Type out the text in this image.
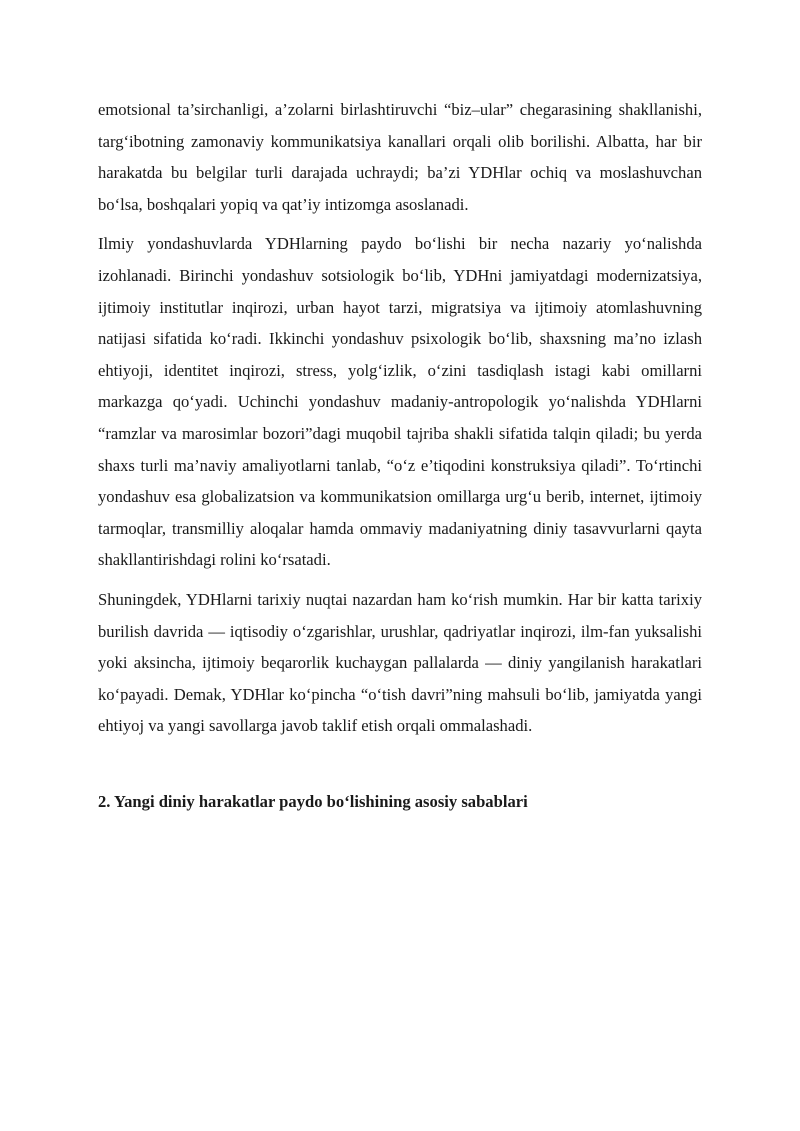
emotsional ta’sirchanligi, a’zolarni birlashtiruvchi “biz–ular” chegarasining shakllanishi, targ‘ibotning zamonaviy kommunikatsiya kanallari orqali olib borilishi. Albatta, har bir harakatda bu belgilar turli darajada uchraydi; ba’zi YDHlar ochiq va moslashuvchan bo‘lsa, boshqalari yopiq va qat’iy intizomga asoslanadi.

Ilmiy yondashuvlarda YDHlarning paydo bo‘lishi bir necha nazariy yo‘nalishda izohlanadi. Birinchi yondashuv sotsiologik bo‘lib, YDHni jamiyatdagi modernizatsiya, ijtimoiy institutlar inqirozi, urban hayot tarzi, migratsiya va ijtimoiy atomlashuvning natijasi sifatida ko‘radi. Ikkinchi yondashuv psixologik bo‘lib, shaxsning ma’no izlash ehtiyoji, identitet inqirozi, stress, yolg‘izlik, o‘zini tasdiqlash istagi kabi omillarni markazga qo‘yadi. Uchinchi yondashuv madaniy-antropologik yo‘nalishda YDHlarni “ramzlar va marosimlar bozori”dagi muqobil tajriba shakli sifatida talqin qiladi; bu yerda shaxs turli ma’naviy amaliyotlarni tanlab, “o‘z e’tiqodini konstruksiya qiladi”. To‘rtinchi yondashuv esa globalizatsion va kommunikatsion omillarga urg‘u berib, internet, ijtimoiy tarmoqlar, transmilliy aloqalar hamda ommaviy madaniyatning diniy tasavvurlarni qayta shakllantirishdagi rolini ko‘rsatadi.

Shuningdek, YDHlarni tarixiy nuqtai nazardan ham ko‘rish mumkin. Har bir katta tarixiy burilish davrida — iqtisodiy o‘zgarishlar, urushlar, qadriyatlar inqirozi, ilm-fan yuksalishi yoki aksincha, ijtimoiy beqarorlik kuchaygan pallalarda — diniy yangilanish harakatlari ko‘payadi. Demak, YDHlar ko‘pincha “o‘tish davri”ning mahsuli bo‘lib, jamiyatda yangi ehtiyoj va yangi savollarga javob taklif etish orqali ommalashadi.

2. Yangi diniy harakatlar paydo bo‘lishining asosiy sabablari
